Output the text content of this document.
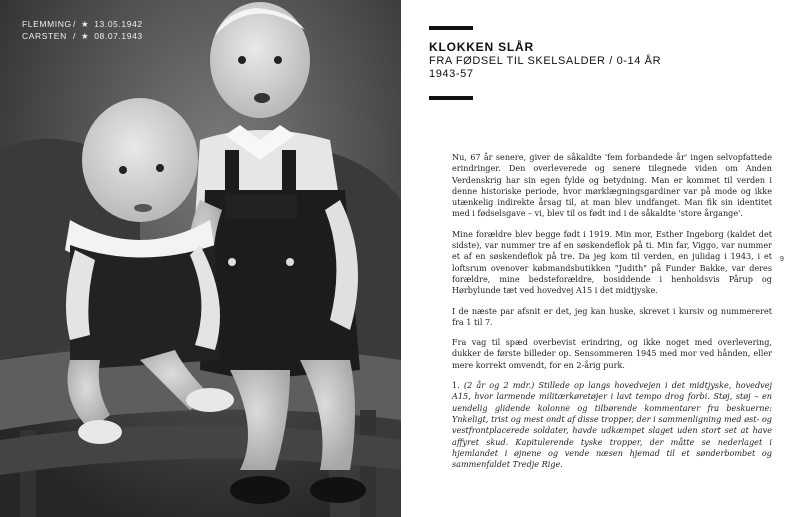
FLEMMING / ★ 13.05.1942
CARSTEN / ★ 08.07.1943
KLOKKEN SLÅR
FRA FØDSEL TIL SKELSALDER / 0-14 ÅR
1943-57

Nu, 67 år senere, giver de såkaldte 'fem forbandede år' ingen selvopfattede erindringer. Den overleverede og senere tilegnede viden om Anden Verdenskrig har sin egen fylde og betydning. Man er kommet til verden i denne historiske periode, hvor mørklægningsgardiner var på mode og ikke utænkelig indirekte årsag til, at man blev undfanget. Man fik sin identitet med i fødselsgave – vi, blev til os født ind i de såkaldte 'store årgange'.

Mine forældre blev begge født i 1919. Min mor, Esther Ingeborg (kaldet det sidste), var nummer tre af en søskendeflok på ti. Min far, Viggo, var nummer et af en søskendeflok på tre. Da jeg kom til verden, en julidag i 1943, i et loftsrum ovenover købmandsbutikken "Judith" på Funder Bakke, var deres forældre, mine bedsteforældre, bosiddende i henholdsvis Pårup og Hørbylunde tæt ved hovedvej A15 i det midtjyske.

I de næste par afsnit er det, jeg kan huske, skrevet i kursiv og nummereret fra 1 til 7.

Fra vag til spæd overbevist erindring, og ikke noget med overlevering, dukker de første billeder op. Sensommeren 1945 med mor ved hånden, eller mere korrekt omvendt, for en 2-årig purk.

1. (2 år og 2 mdr.) Stillede op langs hovedvejen i det midtjyske, hovedvej A15, hvor larmende militærkøretøjer i lavt tempo drog forbi. Støj, støj – en uendelig glidende kolonne og tilbørende kommentarer fra beskuerne: Ynkeligt, trist og mest ondt af disse tropper, der i sammenligning med øst- og vestfrontplacerede soldater, havde udkæmpet slaget uden stort set at have affyret skud. Kapitulerende tyske tropper, der måtte se nederlaget i hjemlandet i øjnene og vende næsen hjemad til et sønderbombet og sammenfaldet Tredje Rige.

9
